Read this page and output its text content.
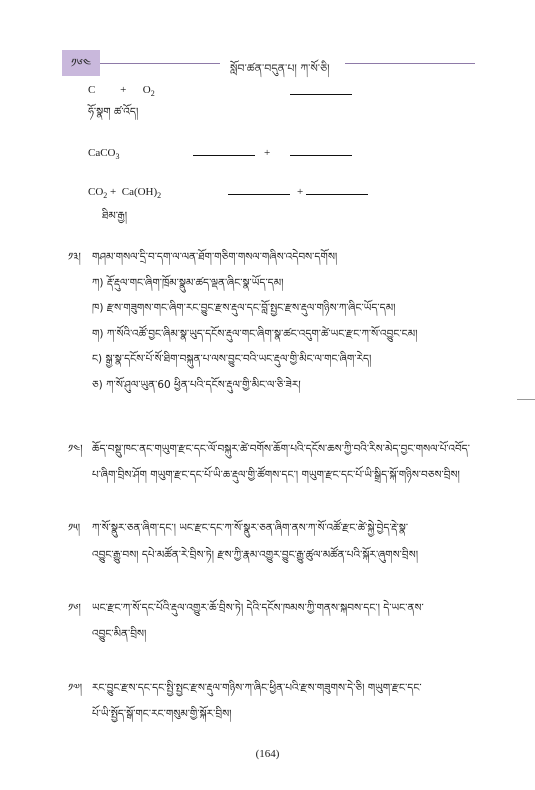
༡༦༤	སློབ་ཚན་བདུན་པ། ཀ་སོ་ཅི།
C         +      $O_2$
ཧོ་སྣག ཚ་འོད།
CaCO$_3$	+
$CO_2 + Ca(OH)_2$
ཐིམ་རྒྱ།
+
༡༣། གཤམ་གསལ་དྲི་བ་དག་ལ་ལན་ཐོག་གཅིག་གསལ་གཞིས་འདེབས་དགོས།
ཀ) རྡོ་རྡུལ་གང་ཞིག་ཁྲོམ་སྣུམ་ཚད་ལྡན་ཞིང་སྣ་ཡོད་དམ།
ཁ) རྫས་གཟུགས་གང་ཞིག་རང་བྱུང་རྫས་རྡུལ་དང་བློ་སྤྱང་རྫས་རྡུལ་གཉིས་ཀ་ཞིང་ཡོད་དམ།
ག) ཀ་སོའི་འཚོ་བྱང་ཞིམ་སྣ་ཡུད་དངོས་རྡུལ་གང་ཞིག་སྣ་ཚང་འདུག་ཚེ་ཡང་རྫང་ཀ་སོ་འབྱུང་ངམ།
ང) སྒྱ་སྣ་དངོས་པོ་སོ་ཐིག་བསྐུན་པ་ལས་བྱུང་བའི་ཡང་རྡུལ་གྱི་མིང་ལ་གང་ཞིག་རེད།
ཅ) ཀ་སོ་ཤུལ་ཡུན་60 ཕྱིན་པའི་དངོས་རྡུལ་གྱི་མིང་ལ་ཅི་ཟེར།
༡༤། ཆོད་བསྡུ་ཁང་ནང་གཡུག་རྫང་དང་ལོ་བསྐུར་ཚེ་བགོས་ཆོག་པའི་དངོས་ཆས་ཀྱི་བའི་རིས་མེད་བྱང་གསལ་པོ་འབོད་
པ་ཞིག་བྲིས་ཤོག གཡུག་རྫང་དང་པོ་ཡི་ཆ་རྡུལ་གྱི་ཚོགས་དང་། གཡུག་རྫང་དང་པོ་ཡི་སྒྲིད་སྐོ་གཉིས་བཅས་བྲིས།
༡༥། ཀ་སོ་སྣུར་ཅན་ཞིག་དང་། ཡང་རྫང་དང་ཀ་སོ་སྣུར་ཅན་ཞིག་ནས་ཀ་སོ་འཚོ་རྫང་ཚེ་སྐྱེ་བྱེད་རྡེ་སྣ་
འབྱུང་རྒྱུ་བས། དཔེ་མཚོན་རེ་བྲིས་ཏེ། རྫས་ཀྱི་རྣམ་འགྱུར་བྱུང་རྒྱུ་ཚུལ་མཚོན་པའི་སྐོར་ཞུགས་བྲིས།
༡༦། ཡང་རྫང་ཀ་སོ་དང་པོའི་རྡུལ་འགྱུར་ཆོ་བྲིས་ཏེ། དེའི་དངོས་ཁམས་ཀྱི་གནས་སྐབས་དང་། དེ་ཡང་ནས་
འབྱུང་མིན་བྲིས།
༡༧། རང་བྱུང་རྫས་དང་དང་སྤྱི་སྤྱང་རྫས་རྡུལ་གཉིས་ཀ་ཞིང་ཕྱིན་པའི་རྫས་གཟུགས་དེ་ཅི། གཡུག་རྫང་དང་
པོ་ཡི་སྤྱོད་སྒོ་གང་རང་གསུམ་གྱི་སྐོར་བྲིས།
(164)
